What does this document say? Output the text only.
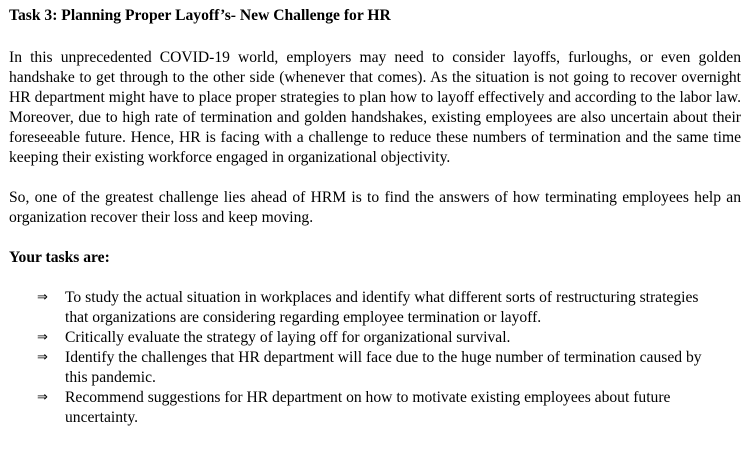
Task 3: Planning Proper Layoff’s- New Challenge for HR

In this unprecedented COVID-19 world, employers may need to consider layoffs, furloughs, or even golden handshake to get through to the other side (whenever that comes). As the situation is not going to recover overnight HR department might have to place proper strategies to plan how to layoff effectively and according to the labor law. Moreover, due to high rate of termination and golden handshakes, existing employees are also uncertain about their foreseeable future. Hence, HR is facing with a challenge to reduce these numbers of termination and the same time keeping their existing workforce engaged in organizational objectivity.

So, one of the greatest challenge lies ahead of HRM is to find the answers of how terminating employees help an organization recover their loss and keep moving.

Your tasks are:
⇒ To study the actual situation in workplaces and identify what different sorts of restructuring strategies that organizations are considering regarding employee termination or layoff.
⇒ Critically evaluate the strategy of laying off for organizational survival.
⇒ Identify the challenges that HR department will face due to the huge number of termination caused by this pandemic.
⇒ Recommend suggestions for HR department on how to motivate existing employees about future uncertainty.
